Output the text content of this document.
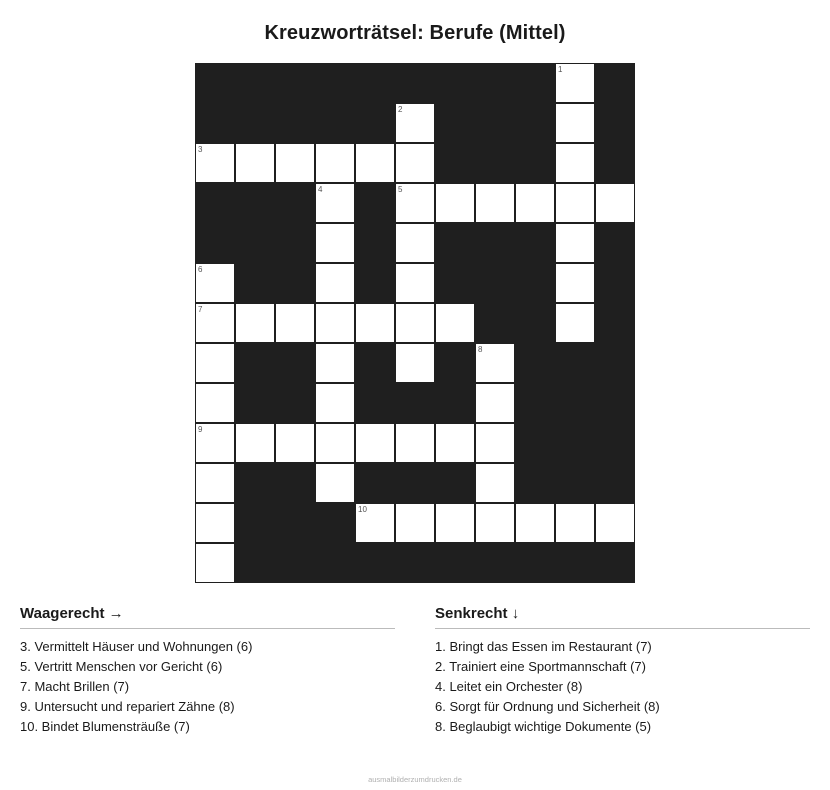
Kreuzworträtsel: Berufe (Mittel)
1
2
3
4	5
6
7
8
9
10
Waagerecht →
3. Vermittelt Häuser und Wohnungen (6)
5. Vertritt Menschen vor Gericht (6)
7. Macht Brillen (7)
9. Untersucht und repariert Zähne (8)
10. Bindet Blumensträuße (7)
Senkrecht ↓
1. Bringt das Essen im Restaurant (7)
2. Trainiert eine Sportmannschaft (7)
4. Leitet ein Orchester (8)
6. Sorgt für Ordnung und Sicherheit (8)
8. Beglaubigt wichtige Dokumente (5)
ausmalbilderzumdrucken.de
